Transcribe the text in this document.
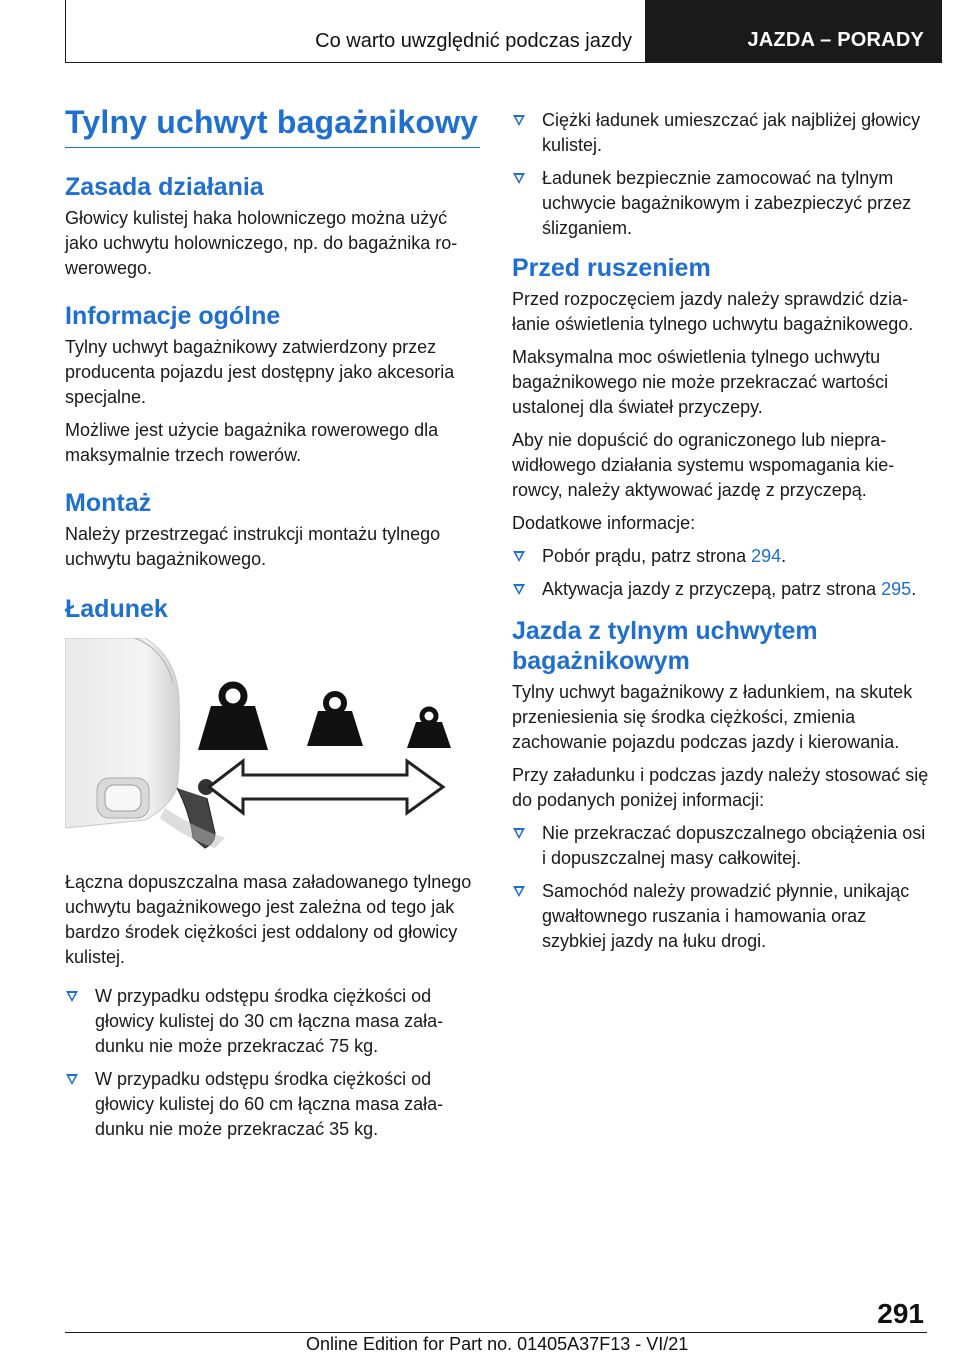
Co warto uwzględnić podczas jazdy	JAZDA – PORADY
Tylny uchwyt bagażnikowy
Zasada działania

Głowicy kulistej haka holowniczego można użyć jako uchwytu holowniczego, np. do bagażnika rowerowego.

Informacje ogólne

Tylny uchwyt bagażnikowy zatwierdzony przez producenta pojazdu jest dostępny jako akcesoria specjalne.

Możliwe jest użycie bagażnika rowerowego dla maksymalnie trzech rowerów.

Montaż

Należy przestrzegać instrukcji montażu tylnego uchwytu bagażnikowego.

Ładunek

Łączna dopuszczalna masa załadowanego tylnego uchwytu bagażnikowego jest zależna od tego jak bardzo środek ciężkości jest oddalony od głowicy kulistej.

W przypadku odstępu środka ciężkości od głowicy kulistej do 30 cm łączna masa załadunku nie może przekraczać 75 kg.
W przypadku odstępu środka ciężkości od głowicy kulistej do 60 cm łączna masa załadunku nie może przekraczać 35 kg.
Ciężki ładunek umieszczać jak najbliżej głowicy kulistej.
Ładunek bezpiecznie zamocować na tylnym uchwycie bagażnikowym i zabezpieczyć przez ślizganiem.
Przed ruszeniem

Przed rozpoczęciem jazdy należy sprawdzić działanie oświetlenia tylnego uchwytu bagażnikowego.

Maksymalna moc oświetlenia tylnego uchwytu bagażnikowego nie może przekraczać wartości ustalonej dla świateł przyczepy.

Aby nie dopuścić do ograniczonego lub nieprawidłowego działania systemu wspomagania kierowcy, należy aktywować jazdę z przyczepą.

Dodatkowe informacje:

Pobór prądu, patrz strona 294.
Aktywacja jazdy z przyczepą, patrz strona 295.
Jazda z tylnym uchwytem bagażnikowym

Tylny uchwyt bagażnikowy z ładunkiem, na skutek przeniesienia się środka ciężkości, zmienia zachowanie pojazdu podczas jazdy i kierowania.

Przy załadunku i podczas jazdy należy stosować się do podanych poniżej informacji:

Nie przekraczać dopuszczalnego obciążenia osi i dopuszczalnej masy całkowitej.
Samochód należy prowadzić płynnie, unikając gwałtownego ruszania i hamowania oraz szybkiej jazdy na łuku drogi.
291
Online Edition for Part no. 01405A37F13 - VI/21
